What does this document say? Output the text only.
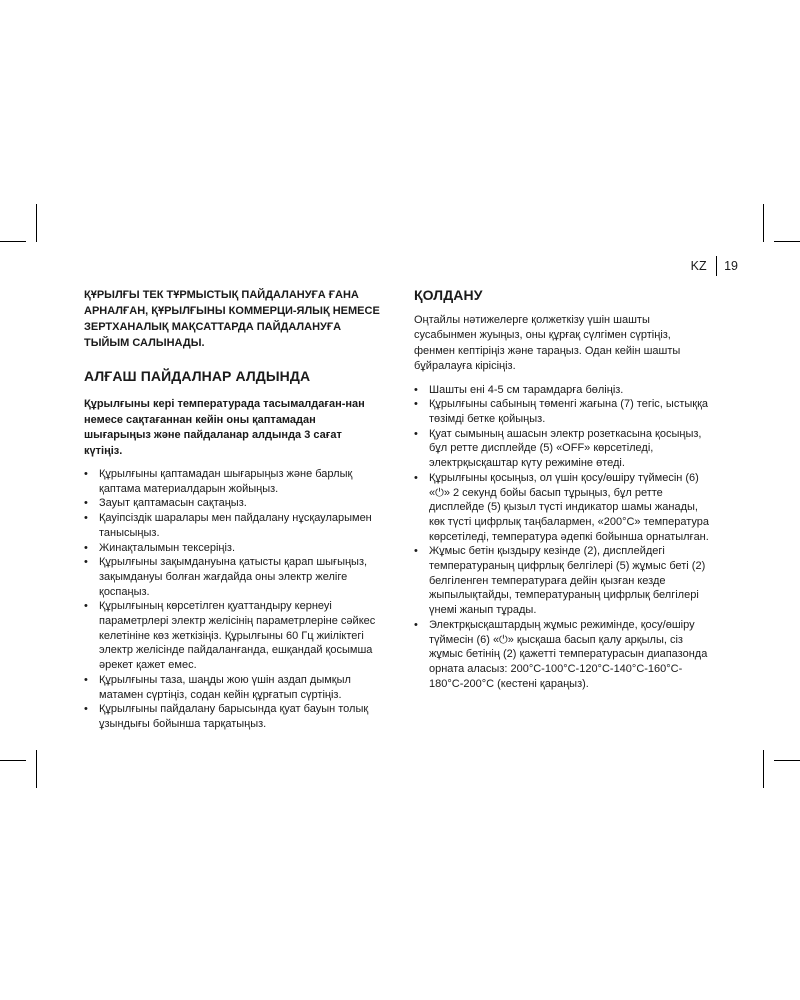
KZ	19

ҚҰРЫЛҒЫ ТЕК ТҰРМЫСТЫҚ ПАЙДАЛАНУҒА ҒАНА АРНАЛҒАН, ҚҰРЫЛҒЫНЫ КОММЕРЦИ-ЯЛЫҚ НЕМЕСЕ ЗЕРТХАНАЛЫҚ МАҚСАТТАРДА ПАЙДАЛАНУҒА ТЫЙЫМ САЛЫНАДЫ.

АЛҒАШ ПАЙДАЛНАР АЛДЫНДА

Құрылғыны кері температурада тасымалдаған-нан немесе сақтағаннан кейін оны қаптамадан шығарыңыз және пайдаланар алдында 3 сағат күтіңіз.

• Құрылғыны қаптамадан шығарыңыз және барлық қаптама материалдарын жойыңыз.
• Зауыт қаптамасын сақтаңыз.
• Қауіпсіздік шаралары мен пайдалану нұсқауларымен танысыңыз.
• Жинақталымын тексеріңіз.
• Құрылғыны зақымдануына қатысты қарап шығыңыз, зақымдануы болған жағдайда оны электр желіге қоспаңыз.
• Құрылғының көрсетілген қуаттандыру кернеуі параметрлері электр желісінің параметрлеріне сәйкес келетініне көз жеткізіңіз. Құрылғыны 60 Гц жиіліктегі электр желісінде пайдаланғанда, ешқандай қосымша әрекет қажет емес.
• Құрылғыны таза, шаңды жою үшін аздап дымқыл матамен сүртіңіз, содан кейін құрғатып сүртіңіз.
• Құрылғыны пайдалану барысында қуат бауын толық ұзындығы бойынша тарқатыңыз.
ҚОЛДАНУ

Оңтайлы нәтижелерге қолжеткізу үшін шашты сусабынмен жуыңыз, оны құрғақ сүлгімен сүртіңіз, фенмен кептіріңіз және тараңыз. Одан кейін шашты бұйралауға кірісіңіз.

• Шашты ені 4-5 см тарамдарға бөліңіз.
• Құрылғыны сабының төменгі жағына (7) тегіс, ыстыққа төзімді бетке қойыңыз.
• Қуат сымының ашасын электр розеткасына қосыңыз, бұл ретте дисплейде (5) «OFF» көрсетіледі, электрқысқаштар күту режиміне өтеді.
• Құрылғыны қосыңыз, ол үшін қосу/өшіру түймесін (6) «⏻» 2 секунд бойы басып тұрыңыз, бұл ретте дисплейде (5) қызыл түсті индикатор шамы жанады, көк түсті цифрлық таңбалармен, «200°C» температура көрсетіледі, температура әдепкі бойынша орнатылған.
• Жұмыс бетін қыздыру кезінде (2), дисплейдегі температураның цифрлық белгілері (5) жұмыс беті (2) белгіленген температураға дейін қызған кезде жыпылықтайды, температураның цифрлық белгілері үнемі жанып тұрады.
• Электрқысқаштардың жұмыс режимінде, қосу/өшіру түймесін (6) «⏻» қысқаша басып қалу арқылы, сіз жұмыс бетінің (2) қажетті температурасын диапазонда орната аласыз: 200°C-100°C-120°C-140°C-160°C-180°C-200°C (кестені қараңыз).
